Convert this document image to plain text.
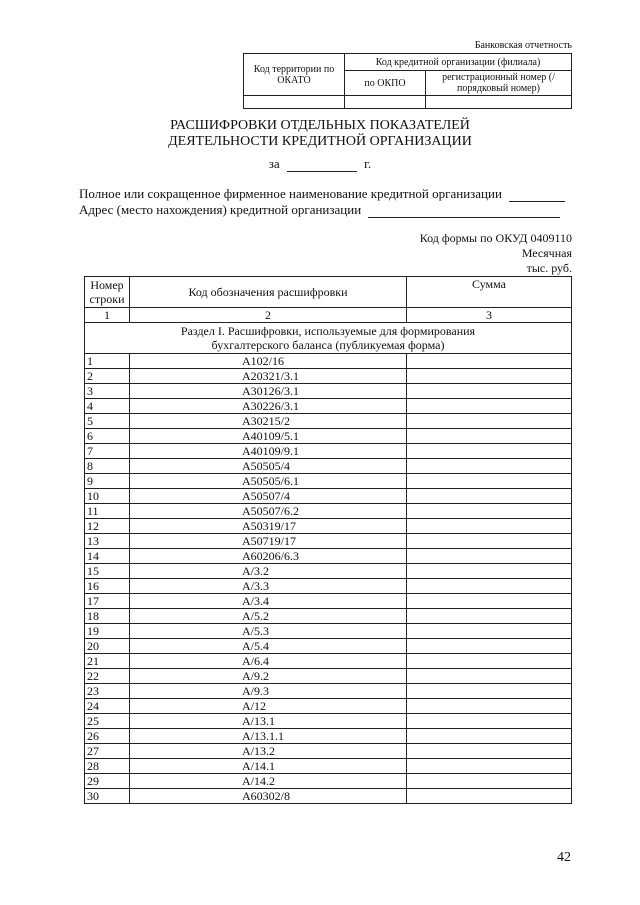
Банковская отчетность
Код территории по ОКАТО	Код кредитной организации (филиала)	
	по ОКПО	регистрационный номер (/порядковый номер)

РАСШИФРОВКИ ОТДЕЛЬНЫХ ПОКАЗАТЕЛЕЙ
ДЕЯТЕЛЬНОСТИ КРЕДИТНОЙ ОРГАНИЗАЦИИ
за	г.
Полное или сокращенное фирменное наименование кредитной организации
Адрес (место нахождения) кредитной организации
Код формы по ОКУД 0409110
Месячная
тыс. руб.
Номер
строки	Код обозначения расшифровки	Сумма
1	2	3
Раздел I. Расшифровки, используемые для формирования
бухгалтерского баланса (публикуемая форма)		
1	А102/16	
2	А20321/3.1	
3	А30126/3.1	
4	А30226/3.1	
5	А30215/2	
6	А40109/5.1	
7	А40109/9.1	
8	А50505/4	
9	А50505/6.1	
10	А50507/4	
11	А50507/6.2	
12	А50319/17	
13	А50719/17	
14	А60206/6.3	
15	А/3.2	
16	А/3.3	
17	А/3.4	
18	А/5.2	
19	А/5.3	
20	А/5.4	
21	А/6.4	
22	А/9.2	
23	А/9.3	
24	А/12	
25	А/13.1	
26	А/13.1.1	
27	А/13.2	
28	А/14.1	
29	А/14.2	
30	А60302/8	
42
